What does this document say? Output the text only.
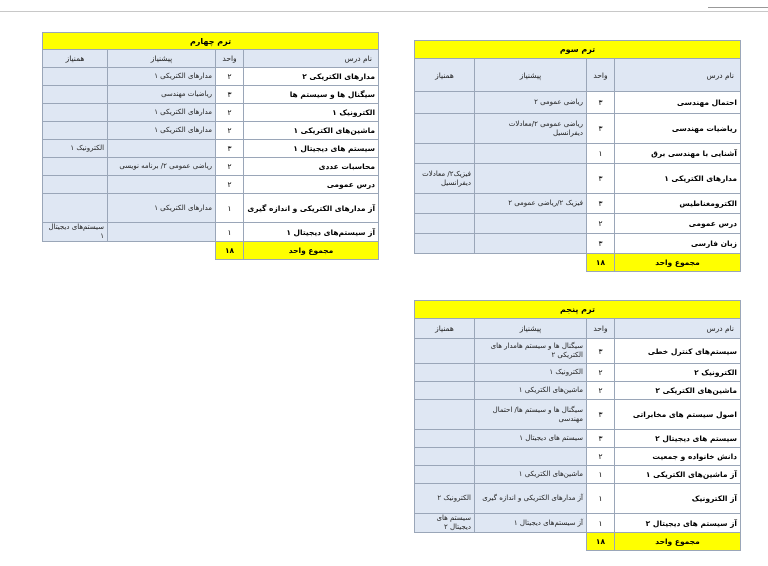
ترم چهارم			
نام درس	واحد	پیشنیاز	همنیاز
مدارهای الکتریکی ۲	۲	مدارهای الکتریکی ۱	
سیگنال ها و سیستم ها	۳	ریاضیات مهندسی	
الکترونیک ۱	۲	مدارهای الکتریکی ۱	
ماشین‌های الکتریکی ۱	۲	مدارهای الکتریکی ۱	
سیستم های دیجیتال ۱	۳		الکترونیک ۱
محاسبات عددی	۲	ریاضی عمومی ۲/ برنامه نویسی	
درس عمومی	۲		
آز مدارهای الکتریکی و اندازه گیری	۱	مدارهای الکتریکی ۱	
آز سیستم‌های دیجیتال ۱	۱		سیستم‌های دیجیتال ۱
مجموع واحد	۱۸		
ترم سوم			
نام درس	واحد	پیشنیاز	همنیاز
احتمال مهندسی	۳	ریاضی عمومی ۲	
ریاضیات مهندسی	۳	ریاضی عمومی ۲/معادلات دیفرانسیل	
آشنایی با مهندسی برق	۱		
مدارهای الکتریکی ۱	۳		فیزیک۲/ معادلات دیفرانسیل
الکترومغناطیس	۳	فیزیک ۲/ریاضی عمومی ۲	
درس عمومی	۲		
زبان فارسی	۳		
مجموع واحد	۱۸		
ترم پنجم			
نام درس	واحد	پیشنیاز	همنیاز
سیستم‌های کنترل خطی	۳	سیگنال ها و سیستم هامدار های الکتریکی ۲	
الکترونیک ۲	۲	الکترونیک ۱	
ماشین‌های الکتریکی ۲	۲	ماشین‌های الکتریکی ۱	
اصول سیستم های مخابراتی	۳	سیگنال ها و سیستم ها/ احتمال مهندسی	
سیستم های دیجیتال ۲	۳	سیستم های دیجیتال ۱	
دانش خانواده و جمعیت	۲		
آز ماشین‌های الکتریکی ۱	۱	ماشین‌های الکتریکی ۱	
آز الکترونیک	۱	آز مدارهای الکتریکی و اندازه گیری	الکترونیک ۲
آز سیستم های دیجیتال ۲	۱	آز سیستم‌های دیجیتال ۱	سیستم های دیجیتال ۲
مجموع واحد	۱۸		
